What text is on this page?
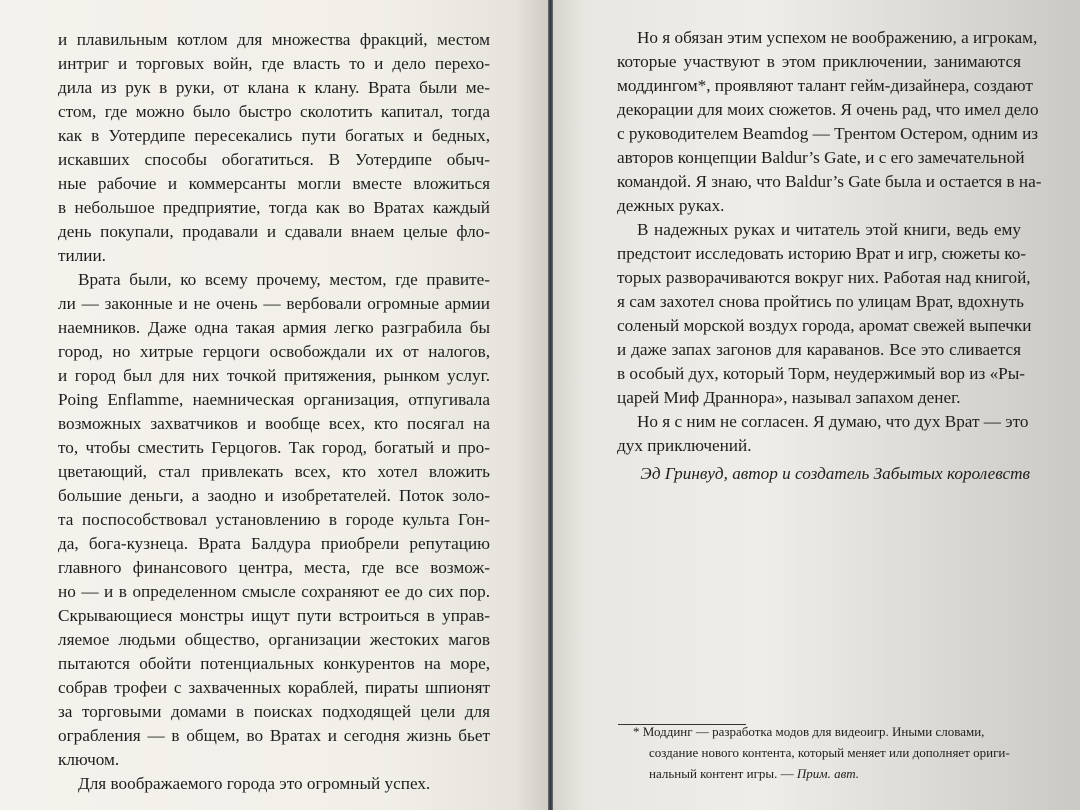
и плавильным котлом для множества фракций, местом
интриг и торговых войн, где власть то и дело перехо-
дила из рук в руки, от клана к клану. Врата были ме-
стом, где можно было быстро сколотить капитал, тогда
как в Уотердипе пересекались пути богатых и бедных,
искавших способы обогатиться. В Уотердипе обыч-
ные рабочие и коммерсанты могли вместе вложиться
в небольшое предприятие, тогда как во Вратах каждый
день покупали, продавали и сдавали внаем целые фло-
тилии.
Врата были, ко всему прочему, местом, где правите-
ли — законные и не очень — вербовали огромные армии
наемников. Даже одна такая армия легко разграбила бы
город, но хитрые герцоги освобождали их от налогов,
и город был для них точкой притяжения, рынком услуг.
Poing Enflamme, наемническая организация, отпугивала
возможных захватчиков и вообще всех, кто посягал на
то, чтобы сместить Герцогов. Так город, богатый и про-
цветающий, стал привлекать всех, кто хотел вложить
большие деньги, а заодно и изобретателей. Поток золо-
та поспособствовал установлению в городе культа Гон-
да, бога-кузнеца. Врата Балдура приобрели репутацию
главного финансового центра, места, где все возмож-
но — и в определенном смысле сохраняют ее до сих пор.
Скрывающиеся монстры ищут пути встроиться в управ-
ляемое людьми общество, организации жестоких магов
пытаются обойти потенциальных конкурентов на море,
собрав трофеи с захваченных кораблей, пираты шпионят
за торговыми домами в поисках подходящей цели для
ограбления — в общем, во Вратах и сегодня жизнь бьет
ключом.
Для воображаемого города это огромный успех.
Но я обязан этим успехом не воображению, а игрокам,
которые участвуют в этом приключении, занимаются
моддингом*, проявляют талант гейм-дизайнера, создают
декорации для моих сюжетов. Я очень рад, что имел дело
с руководителем Beamdog — Трентом Остером, одним из
авторов концепции Baldur’s Gate, и с его замечательной
командой. Я знаю, что Baldur’s Gate была и остается в на-
дежных руках.
В надежных руках и читатель этой книги, ведь ему
предстоит исследовать историю Врат и игр, сюжеты ко-
торых разворачиваются вокруг них. Работая над книгой,
я сам захотел снова пройтись по улицам Врат, вдохнуть
соленый морской воздух города, аромат свежей выпечки
и даже запах загонов для караванов. Все это сливается
в особый дух, который Торм, неудержимый вор из «Ры-
царей Миф Драннора», называл запахом денег.
Но я с ним не согласен. Я думаю, что дух Врат — это
дух приключений.
Эд Гринвуд, автор и создатель Забытых королевств
* Моддинг — разработка модов для видеоигр. Иными словами,
создание нового контента, который меняет или дополняет ориги-
нальный контент игры. — Прим. авт.
